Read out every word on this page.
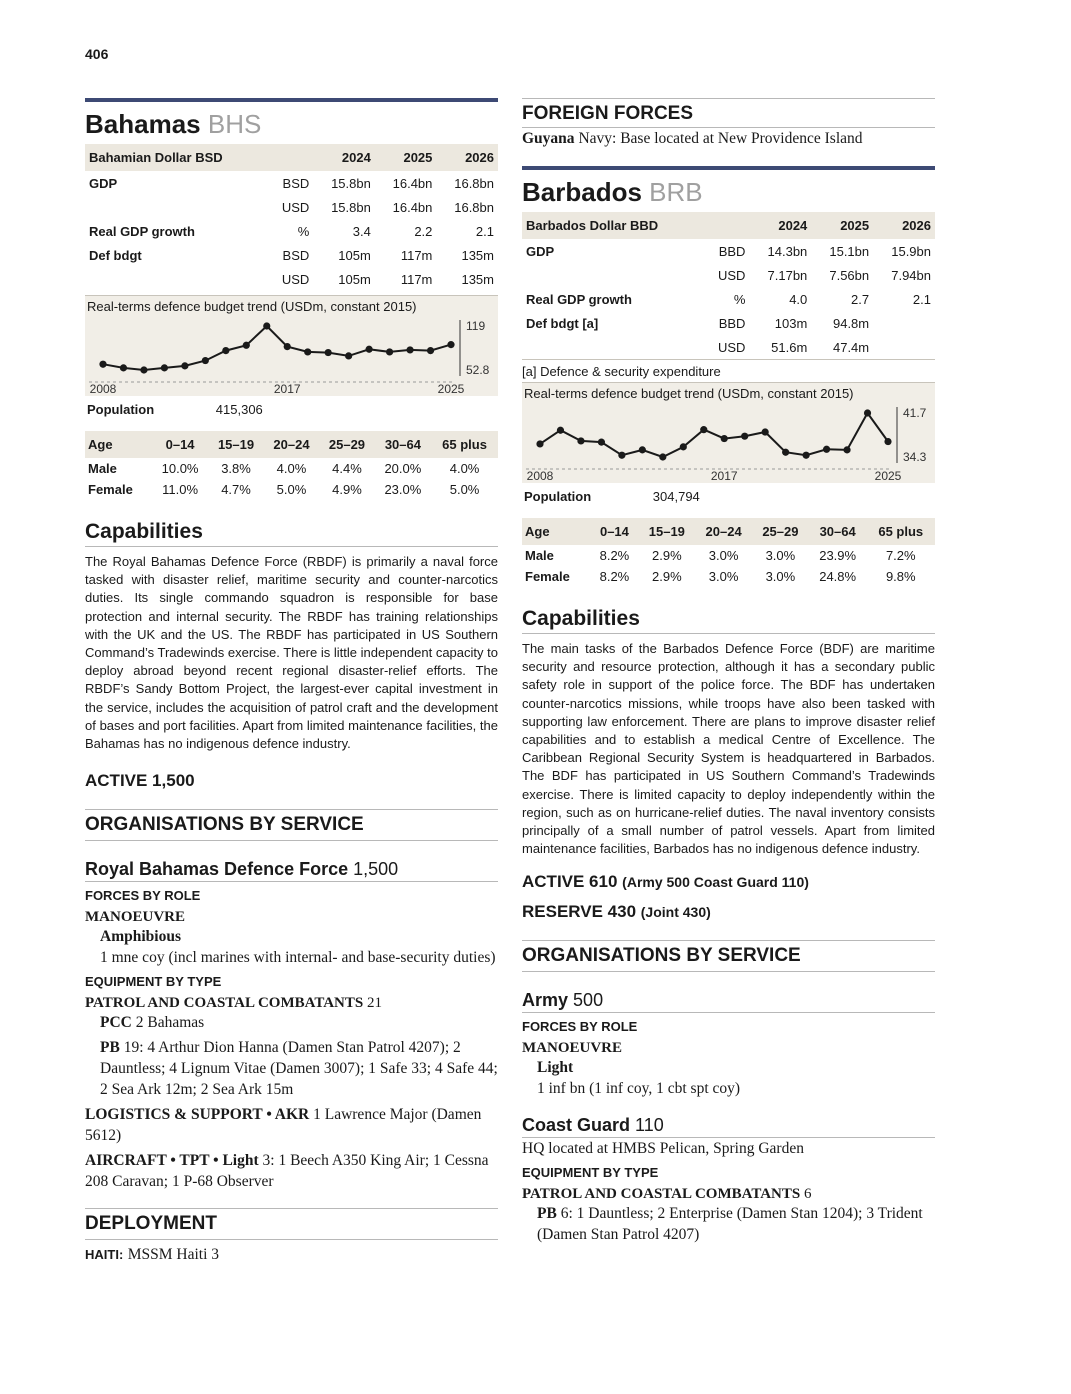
406
Bahamas BHS
Bahamian Dollar BSD		2024	2025	2026
GDP	BSD	15.8bn	16.4bn	16.8bn
	USD	15.8bn	16.4bn	16.8bn
Real GDP growth	%	3.4	2.2	2.1
Def bdgt	BSD	105m	117m	135m
	USD	105m	117m	135m
Real-terms defence budget trend (USDm, constant 2015)
119
52.8
2008	2017	2025
Population	415,306
Age	0–14	15–19	20–24	25–29	30–64	65 plus
Male	10.0%	3.8%	4.0%	4.4%	20.0%	4.0%
Female	11.0%	4.7%	5.0%	4.9%	23.0%	5.0%
Capabilities
The Royal Bahamas Defence Force (RBDF) is primarily a naval force tasked with disaster relief, maritime security and counter-narcotics duties. Its single commando squadron is responsible for base protection and internal security. The RBDF has training relationships with the UK and the US. The RBDF has participated in US Southern Command’s Tradewinds exercise. There is little independent capacity to deploy abroad beyond recent regional disaster-relief efforts. The RBDF’s Sandy Bottom Project, the largest-ever capital investment in the service, includes the acquisition of patrol craft and the development of bases and port facilities. Apart from limited maintenance facilities, the Bahamas has no indigenous defence industry.
ACTIVE 1,500
ORGANISATIONS BY SERVICE
Royal Bahamas Defence Force 1,500
FORCES BY ROLE
MANOEUVRE
Amphibious
1 mne coy (incl marines with internal- and base-security duties)
EQUIPMENT BY TYPE
PATROL AND COASTAL COMBATANTS 21
PCC 2 Bahamas
PB 19: 4 Arthur Dion Hanna (Damen Stan Patrol 4207); 2 Dauntless; 4 Lignum Vitae (Damen 3007); 1 Safe 33; 4 Safe 44; 2 Sea Ark 12m; 2 Sea Ark 15m
LOGISTICS & SUPPORT • AKR 1 Lawrence Major (Damen 5612)
AIRCRAFT • TPT • Light 3: 1 Beech A350 King Air; 1 Cessna 208 Caravan; 1 P-68 Observer
DEPLOYMENT
HAITI: MSSM Haiti 3
FOREIGN FORCES
Guyana Navy: Base located at New Providence Island
Barbados BRB
Barbados Dollar BBD		2024	2025	2026
GDP	BBD	14.3bn	15.1bn	15.9bn
	USD	7.17bn	7.56bn	7.94bn
Real GDP growth	%	4.0	2.7	2.1
Def bdgt [a]	BBD	103m	94.8m	
	USD	51.6m	47.4m	
[a] Defence & security expenditure
Real-terms defence budget trend (USDm, constant 2015)
41.7
34.3
2008	2017	2025
Population	304,794
Age	0–14	15–19	20–24	25–29	30–64	65 plus
Male	8.2%	2.9%	3.0%	3.0%	23.9%	7.2%
Female	8.2%	2.9%	3.0%	3.0%	24.8%	9.8%
Capabilities
The main tasks of the Barbados Defence Force (BDF) are maritime security and resource protection, although it has a secondary public safety role in support of the police force. The BDF has undertaken counter-narcotics missions, while troops have also been tasked with supporting law enforcement. There are plans to improve disaster relief capabilities and to establish a medical Centre of Excellence. The Caribbean Regional Security System is headquartered in Barbados. The BDF has participated in US Southern Command’s Tradewinds exercise. There is limited capacity to deploy independently within the region, such as on hurricane-relief duties. The naval inventory consists principally of a small number of patrol vessels. Apart from limited maintenance facilities, Barbados has no indigenous defence industry.
ACTIVE 610 (Army 500 Coast Guard 110)
RESERVE 430 (Joint 430)
ORGANISATIONS BY SERVICE
Army 500
FORCES BY ROLE
MANOEUVRE
Light
1 inf bn (1 inf coy, 1 cbt spt coy)
Coast Guard 110
HQ located at HMBS Pelican, Spring Garden
EQUIPMENT BY TYPE
PATROL AND COASTAL COMBATANTS 6
PB 6: 1 Dauntless; 2 Enterprise (Damen Stan 1204); 3 Trident (Damen Stan Patrol 4207)
